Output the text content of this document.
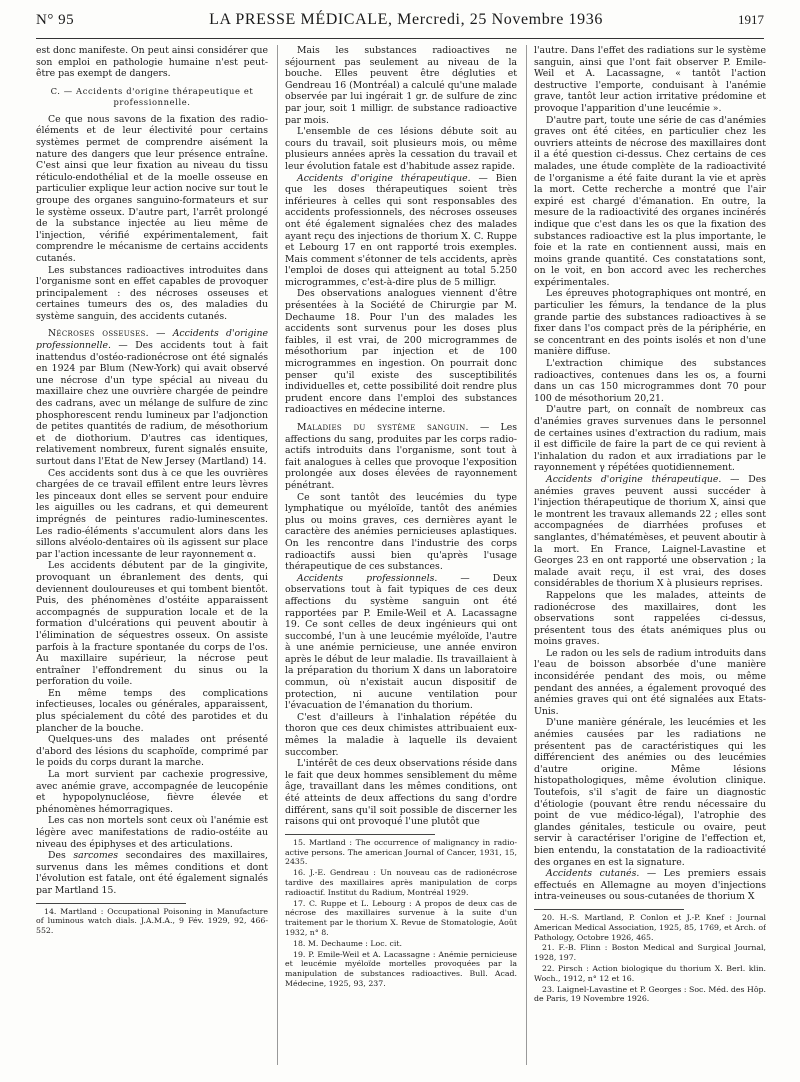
N° 95	LA PRESSE MÉDICALE, Mercredi, 25 Novembre 1936	1917

est donc manifeste. On peut ainsi considérer que son emploi en pathologie humaine n'est peut-être pas exempt de dangers.

C. — Accidents d'origine thérapeutique et professionnelle.

Ce que nous savons de la fixation des radio-éléments et de leur électivité pour certains systèmes permet de comprendre aisément la nature des dangers que leur présence entraîne. C'est ainsi que leur fixation au niveau du tissu réticulo-endothélial et de la moelle osseuse en particulier explique leur action nocive sur tout le groupe des organes sanguino-formateurs et sur le système osseux. D'autre part, l'arrêt prolongé de la substance injectée au lieu même de l'injection, vérifié expérimentalement, fait comprendre le mécanisme de certains accidents cutanés.

Les substances radioactives introduites dans l'organisme sont en effet capables de provoquer principalement : des nécroses osseuses et certaines tumeurs des os, des maladies du système sanguin, des accidents cutanés.

Nécroses osseuses. — Accidents d'origine professionnelle. — Des accidents tout à fait inattendus d'ostéo-radionécrose ont été signalés en 1924 par Blum (New-York) qui avait observé une nécrose d'un type spécial au niveau du maxillaire chez une ouvrière chargée de peindre des cadrans, avec un mélange de sulfure de zinc phosphorescent rendu lumineux par l'adjonction de petites quantités de radium, de mésothorium et de diothorium. D'autres cas identiques, relativement nombreux, furent signalés ensuite, surtout dans l'Etat de New Jersey (Martland) 14.

Ces accidents sont dus à ce que les ouvrières chargées de ce travail effilent entre leurs lèvres les pinceaux dont elles se servent pour enduire les aiguilles ou les cadrans, et qui demeurent imprégnés de peintures radio-luminescentes. Les radio-éléments s'accumulent alors dans les sillons alvéolo-dentaires où ils agissent sur place par l'action incessante de leur rayonnement α.

Les accidents débutent par de la gingivite, provoquant un ébranlement des dents, qui deviennent douloureuses et qui tombent bientôt. Puis, des phénomènes d'ostéite apparaissent accompagnés de suppuration locale et de la formation d'ulcérations qui peuvent aboutir à l'élimination de séquestres osseux. On assiste parfois à la fracture spontanée du corps de l'os. Au maxillaire supérieur, la nécrose peut entraîner l'effondrement du sinus ou la perforation du voile.

En même temps des complications infectieuses, locales ou générales, apparaissent, plus spécialement du côté des parotides et du plancher de la bouche.

Quelques-uns des malades ont présenté d'abord des lésions du scaphoïde, comprimé par le poids du corps durant la marche.

La mort survient par cachexie progressive, avec anémie grave, accompagnée de leucopénie et hypopolynucléose, fièvre élevée et phénomènes hémorragiques.

Les cas non mortels sont ceux où l'anémie est légère avec manifestations de radio-ostéite au niveau des épiphyses et des articulations.

Des sarcomes secondaires des maxillaires, survenus dans les mêmes conditions et dont l'évolution est fatale, ont été également signalés par Martland 15.

14. Martland : Occupational Poisoning in Manufacture of luminous watch dials. J.A.M.A., 9 Fév. 1929, 92, 466-552.

Mais les substances radioactives ne séjournent pas seulement au niveau de la bouche. Elles peuvent être dégluties et Gendreau 16 (Montréal) a calculé qu'une malade observée par lui ingérait 1 gr. de sulfure de zinc par jour, soit 1 milligr. de substance radioactive par mois.

L'ensemble de ces lésions débute soit au cours du travail, soit plusieurs mois, ou même plusieurs années après la cessation du travail et leur évolution fatale est d'habitude assez rapide.

Accidents d'origine thérapeutique. — Bien que les doses thérapeutiques soient très inférieures à celles qui sont responsables des accidents professionnels, des nécroses osseuses ont été également signalées chez des malades ayant reçu des injections de thorium X. C. Ruppe et Lebourg 17 en ont rapporté trois exemples. Mais comment s'étonner de tels accidents, après l'emploi de doses qui atteignent au total 5.250 microgrammes, c'est-à-dire plus de 5 milligr.

Des observations analogues viennent d'être présentées à la Société de Chirurgie par M. Dechaume 18. Pour l'un des malades les accidents sont survenus pour les doses plus faibles, il est vrai, de 200 microgrammes de mésothorium par injection et de 100 microgrammes en ingestion. On pourrait donc penser qu'il existe des susceptibilités individuelles et, cette possibilité doit rendre plus prudent encore dans l'emploi des substances radioactives en médecine interne.

Maladies du système sanguin. — Les affections du sang, produites par les corps radio-actifs introduits dans l'organisme, sont tout à fait analogues à celles que provoque l'exposition prolongée aux doses élevées de rayonnement pénétrant.

Ce sont tantôt des leucémies du type lymphatique ou myéloïde, tantôt des anémies plus ou moins graves, ces dernières ayant le caractère des anémies pernicieuses aplastiques. On les rencontre dans l'industrie des corps radioactifs aussi bien qu'après l'usage thérapeutique de ces substances.

Accidents professionnels. — Deux observations tout à fait typiques de ces deux affections du système sanguin ont été rapportées par P. Emile-Weil et A. Lacassagne 19. Ce sont celles de deux ingénieurs qui ont succombé, l'un à une leucémie myéloïde, l'autre à une anémie pernicieuse, une année environ après le début de leur maladie. Ils travaillaient à la préparation du thorium X dans un laboratoire commun, où n'existait aucun dispositif de protection, ni aucune ventilation pour l'évacuation de l'émanation du thorium.

C'est d'ailleurs à l'inhalation répétée du thoron que ces deux chimistes attribuaient eux-mêmes la maladie à laquelle ils devaient succomber.

L'intérêt de ces deux observations réside dans le fait que deux hommes sensiblement du même âge, travaillant dans les mêmes conditions, ont été atteints de deux affections du sang d'ordre différent, sans qu'il soit possible de discerner les raisons qui ont provoqué l'une plutôt que

15. Martland : The occurrence of malignancy in radio-active persons. The american Journal of Cancer, 1931, 15, 2435.

16. J.-E. Gendreau : Un nouveau cas de radionécrose tardive des maxillaires après manipulation de corps radioactif. Institut du Radium, Montréal 1929.

17. C. Ruppe et L. Lebourg : A propos de deux cas de nécrose des maxillaires survenue à la suite d'un traitement par le thorium X. Revue de Stomatologie, Août 1932, n° 8.

18. M. Dechaume : Loc. cit.

19. P. Emile-Weil et A. Lacassagne : Anémie pernicieuse et leucémie myéloïde mortelles provoquées par la manipulation de substances radioactives. Bull. Acad. Médecine, 1925, 93, 237.

l'autre. Dans l'effet des radiations sur le système sanguin, ainsi que l'ont fait observer P. Emile-Weil et A. Lacassagne, « tantôt l'action destructive l'emporte, conduisant à l'anémie grave, tantôt leur action irritative prédomine et provoque l'apparition d'une leucémie ».

D'autre part, toute une série de cas d'anémies graves ont été citées, en particulier chez les ouvriers atteints de nécrose des maxillaires dont il a été question ci-dessus. Chez certains de ces malades, une étude complète de la radioactivité de l'organisme a été faite durant la vie et après la mort. Cette recherche a montré que l'air expiré est chargé d'émanation. En outre, la mesure de la radioactivité des organes incinérés indique que c'est dans les os que la fixation des substances radioactive est la plus importante, le foie et la rate en contiennent aussi, mais en moins grande quantité. Ces constatations sont, on le voit, en bon accord avec les recherches expérimentales.

Les épreuves photographiques ont montré, en particulier les fémurs, la tendance de la plus grande partie des substances radioactives à se fixer dans l'os compact près de la périphérie, en se concentrant en des points isolés et non d'une manière diffuse.

L'extraction chimique des substances radioactives, contenues dans les os, a fourni dans un cas 150 microgrammes dont 70 pour 100 de mésothorium 20,21.

D'autre part, on connaît de nombreux cas d'anémies graves survenues dans le personnel de certaines usines d'extraction du radium, mais il est difficile de faire la part de ce qui revient à l'inhalation du radon et aux irradiations par le rayonnement γ répétées quotidiennement.

Accidents d'origine thérapeutique. — Des anémies graves peuvent aussi succéder à l'injection thérapeutique de thorium X, ainsi que le montrent les travaux allemands 22 ; elles sont accompagnées de diarrhées profuses et sanglantes, d'hématémèses, et peuvent aboutir à la mort. En France, Laignel-Lavastine et Georges 23 en ont rapporté une observation ; la malade avait reçu, il est vrai, des doses considérables de thorium X à plusieurs reprises.

Rappelons que les malades, atteints de radionécrose des maxillaires, dont les observations sont rappelées ci-dessus, présentent tous des états anémiques plus ou moins graves.

Le radon ou les sels de radium introduits dans l'eau de boisson absorbée d'une manière inconsidérée pendant des mois, ou même pendant des années, a également provoqué des anémies graves qui ont été signalées aux Etats-Unis.

D'une manière générale, les leucémies et les anémies causées par les radiations ne présentent pas de caractéristiques qui les différencient des anémies ou des leucémies d'autre origine. Même lésions histopathologiques, même évolution clinique. Toutefois, s'il s'agit de faire un diagnostic d'étiologie (pouvant être rendu nécessaire du point de vue médico-légal), l'atrophie des glandes génitales, testicule ou ovaire, peut servir à caractériser l'origine de l'effection et, bien entendu, la constatation de la radioactivité des organes en est la signature.

Accidents cutanés. — Les premiers essais effectués en Allemagne au moyen d'injections intra-veineuses ou sous-cutanées de thorium X

20. H.-S. Martland, P. Conlon et J.-P. Knef : Journal American Medical Association, 1925, 85, 1769, et Arch. of Pathology, Octobre 1926, 465.

21. F.-B. Flinn : Boston Medical and Surgical Journal, 1928, 197.

22. Pirsch : Action biologique du thorium X. Berl. klin. Woch., 1912, n° 12 et 16.

23. Laignel-Lavastine et P. Georges : Soc. Méd. des Hôp. de Paris, 19 Novembre 1926.
